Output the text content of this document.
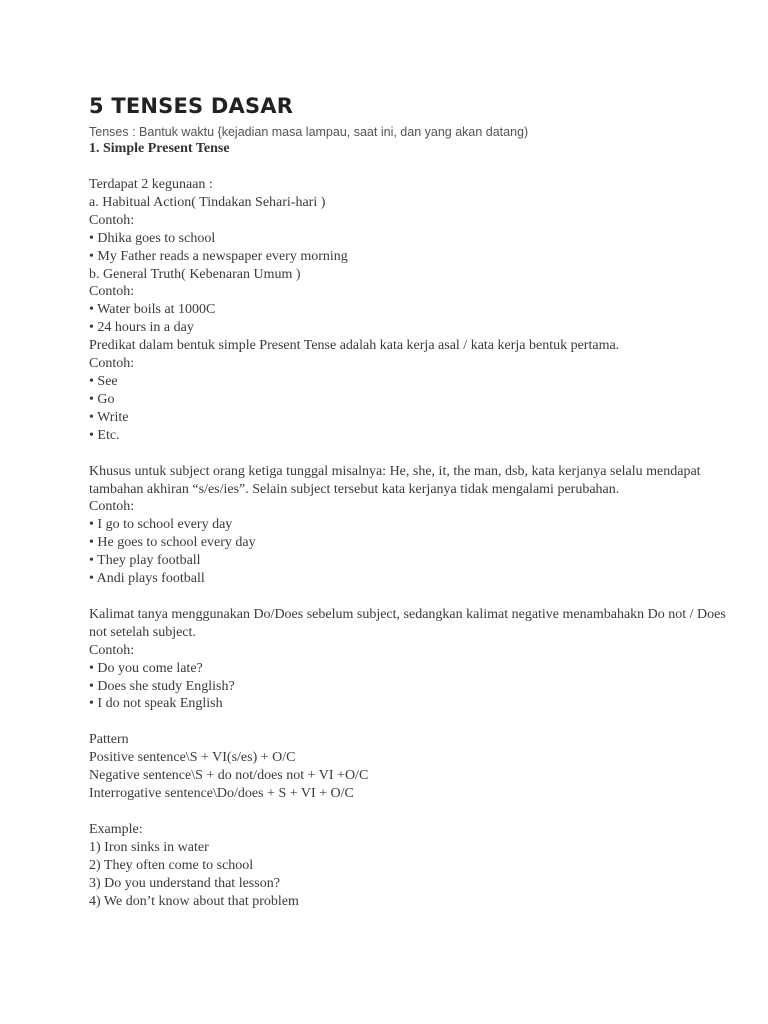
5 TENSES DASAR

Tenses : Bantuk waktu {kejadian masa lampau, saat ini, dan yang akan datang)

1. Simple Present Tense

Terdapat 2 kegunaan :
a. Habitual Action( Tindakan Sehari-hari )
Contoh:
• Dhika goes to school
• My Father reads a newspaper every morning
b. General Truth( Kebenaran Umum )
Contoh:
• Water boils at 1000C
• 24 hours in a day
Predikat dalam bentuk simple Present Tense adalah kata kerja asal / kata kerja bentuk pertama.
Contoh:
• See
• Go
• Write
• Etc.
Khusus untuk subject orang ketiga tunggal misalnya: He, she, it, the man, dsb, kata kerjanya selalu mendapat tambahan akhiran “s/es/ies”. Selain subject tersebut kata kerjanya tidak mengalami perubahan.
Contoh:
• I go to school every day
• He goes to school every day
• They play football
• Andi plays football
Kalimat tanya menggunakan Do/Does sebelum subject, sedangkan kalimat negative menambahakn Do not / Does not setelah subject.
Contoh:
• Do you come late?
• Does she study English?
• I do not speak English
Pattern
Positive sentence\S + VI(s/es) + O/C
Negative sentence\S + do not/does not + VI +O/C
Interrogative sentence\Do/does + S + VI + O/C
Example:
1) Iron sinks in water
2) They often come to school
3) Do you understand that lesson?
4) We don’t know about that problem
